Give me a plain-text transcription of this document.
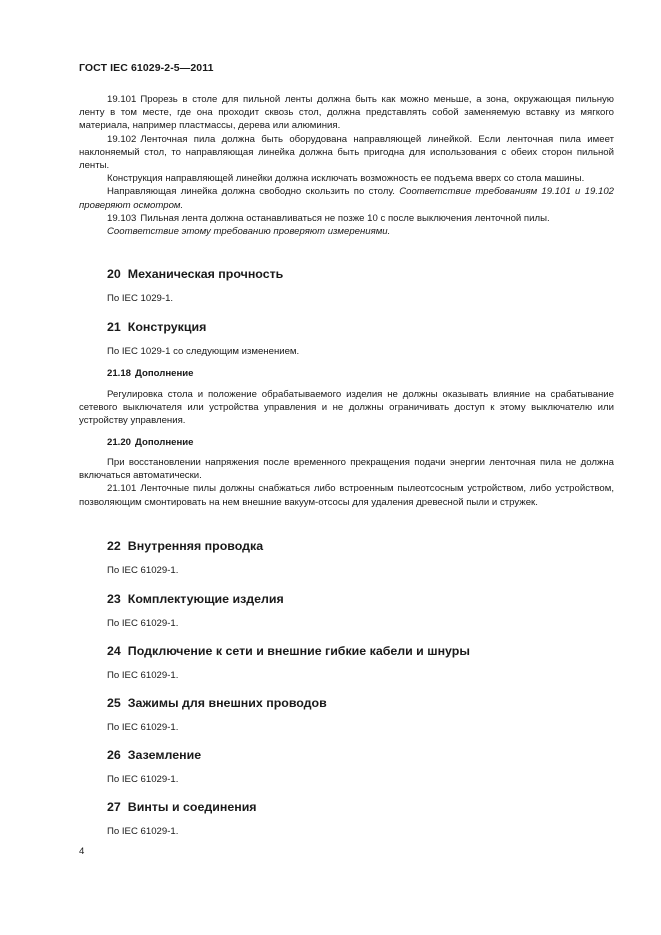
ГОСТ IEC 61029-2-5—2011

19.101 Прорезь в столе для пильной ленты должна быть как можно меньше, а зона, окружающая пильную ленту в том месте, где она проходит сквозь стол, должна представлять собой заменяемую вставку из мягкого материала, например пластмассы, дерева или алюминия.

19.102 Ленточная пила должна быть оборудована направляющей линейкой. Если ленточная пила имеет наклоняемый стол, то направляющая линейка должна быть пригодна для использования с обеих сторон пильной ленты.

Конструкция направляющей линейки должна исключать возможность ее подъема вверх со стола машины.

Направляющая линейка должна свободно скользить по столу. Соответствие требованиям 19.101 и 19.102 проверяют осмотром.

19.103 Пильная лента должна останавливаться не позже 10 с после выключения ленточной пилы.

Соответствие этому требованию проверяют измерениями.

20 Механическая прочность
По IEC 1029-1.
21 Конструкция
По IEC 1029-1 со следующим изменением.
21.18 Дополнение

Регулировка стола и положение обрабатываемого изделия не должны оказывать влияние на срабатывание сетевого выключателя или устройства управления и не должны ограничивать доступ к этому выключателю или устройству управления.

21.20 Дополнение

При восстановлении напряжения после временного прекращения подачи энергии ленточная пила не должна включаться автоматически.

21.101 Ленточные пилы должны снабжаться либо встроенным пылеотсосным устройством, либо устройством, позволяющим смонтировать на нем внешние вакуум-отсосы для удаления древесной пыли и стружек.

22 Внутренняя проводка
По IEC 61029-1.
23 Комплектующие изделия
По IEC 61029-1.
24 Подключение к сети и внешние гибкие кабели и шнуры
По IEC 61029-1.
25 Зажимы для внешних проводов
По IEC 61029-1.
26 Заземление
По IEC 61029-1.
27 Винты и соединения
По IEC 61029-1.
4
